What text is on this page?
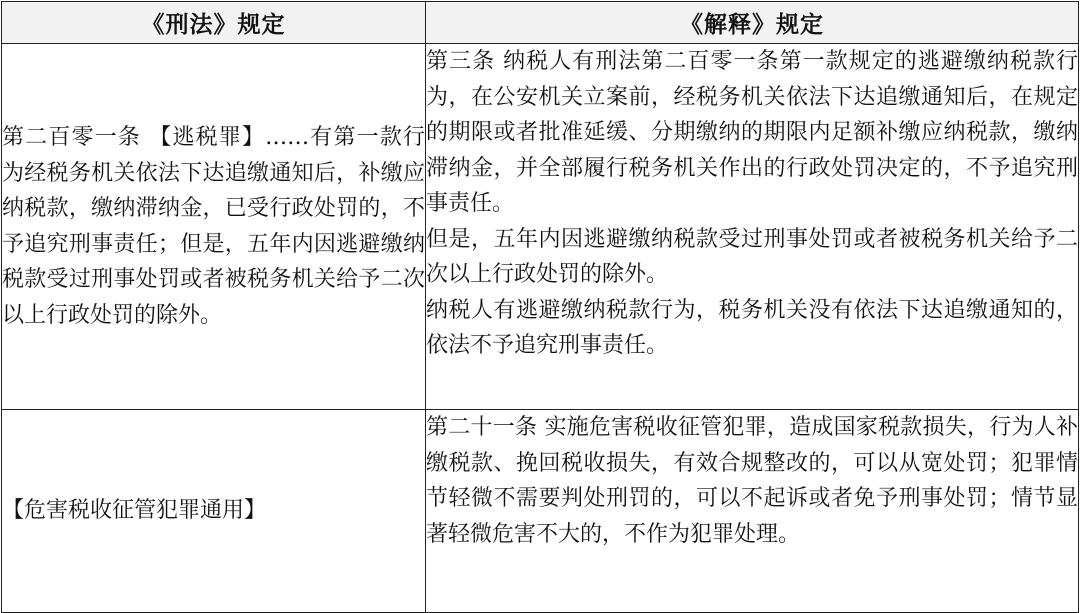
《刑法》规定	《解释》规定
第二百零一条 【逃税罪】……有第一款行为经税务机关依法下达追缴通知后，补缴应纳税款，缴纳滞纳金，已受行政处罚的，不予追究刑事责任；但是，五年内因逃避缴纳税款受过刑事处罚或者被税务机关给予二次以上行政处罚的除外。	第三条 纳税人有刑法第二百零一条第一款规定的逃避缴纳税款行为，在公安机关立案前，经税务机关依法下达追缴通知后，在规定的期限或者批准延缓、分期缴纳的期限内足额补缴应纳税款，缴纳滞纳金，并全部履行税务机关作出的行政处罚决定的，不予追究刑事责任。

但是，五年内因逃避缴纳税款受过刑事处罚或者被税务机关给予二次以上行政处罚的除外。

纳税人有逃避缴纳税款行为，税务机关没有依法下达追缴通知的，依法不予追究刑事责任。

【危害税收征管犯罪通用】	第二十一条 实施危害税收征管犯罪，造成国家税款损失，行为人补缴税款、挽回税收损失，有效合规整改的，可以从宽处罚；犯罪情节轻微不需要判处刑罚的，可以不起诉或者免予刑事处罚；情节显著轻微危害不大的，不作为犯罪处理。
